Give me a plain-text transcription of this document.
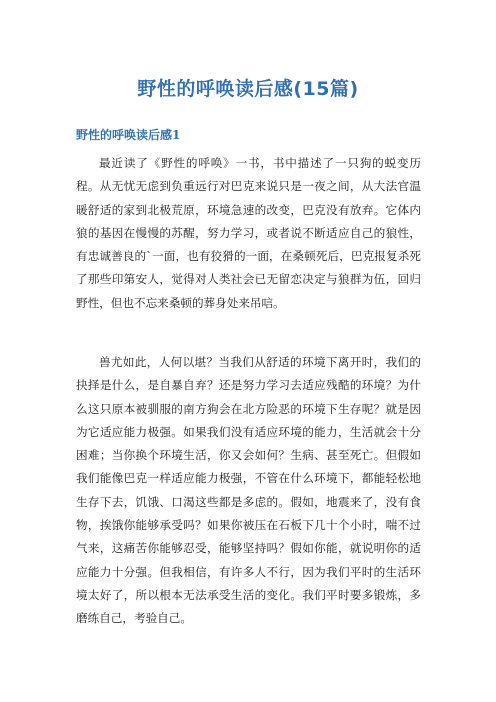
野性的呼唤读后感(15篇)
野性的呼唤读后感1

最近读了《野性的呼唤》一书，书中描述了一只狗的蜕变历程。从无忧无虑到负重远行对巴克来说只是一夜之间，从大法官温暖舒适的家到北极荒原，环境急速的改变，巴克没有放弃。它体内狼的基因在慢慢的苏醒，努力学习，或者说不断适应自己的狼性，有忠诚善良的`一面，也有狡猾的一面，在桑顿死后，巴克报复杀死了那些印第安人，觉得对人类社会已无留恋决定与狼群为伍，回归野性，但也不忘来桑顿的葬身处来吊唁。

兽尤如此，人何以堪？当我们从舒适的环境下离开时，我们的抉择是什么，是自暴自弃？还是努力学习去适应残酷的环境？为什么这只原本被驯服的南方狗会在北方险恶的环境下生存呢？就是因为它适应能力极强。如果我们没有适应环境的能力，生活就会十分困难；当你换个环境生活，你又会如何？生病、甚至死亡。但假如我们能像巴克一样适应能力极强，不管在什么环境下，都能轻松地生存下去，饥饿、口渴这些都是多虑的。假如，地震来了，没有食物，挨饿你能够承受吗？如果你被压在石板下几十个小时，喘不过气来，这痛苦你能够忍受，能够坚持吗？假如你能，就说明你的适应能力十分强。但我相信，有许多人不行，因为我们平时的生活环境太好了，所以根本无法承受生活的变化。我们平时要多锻炼，多磨练自己，考验自己。
